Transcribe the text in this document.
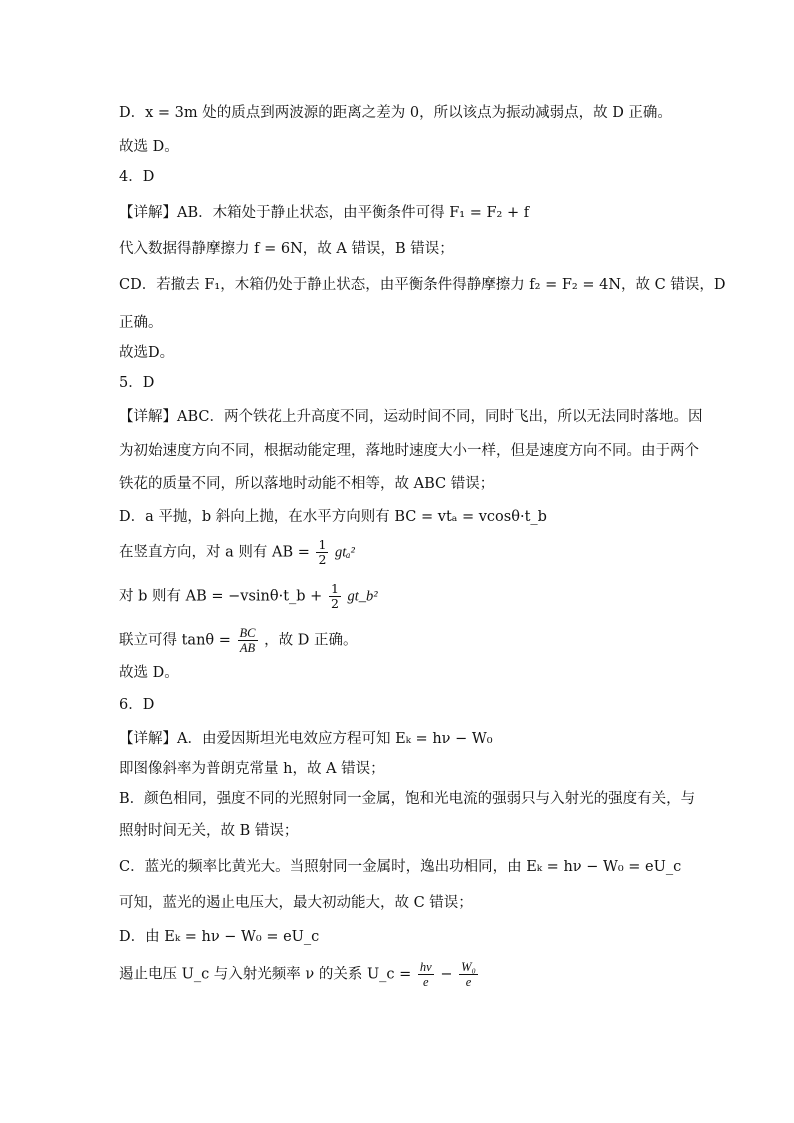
D．x = 3m 处的质点到两波源的距离之差为 0，所以该点为振动减弱点，故 D 正确。
故选 D。
4．D
【详解】AB．木箱处于静止状态，由平衡条件可得 F₁ = F₂ + f
代入数据得静摩擦力 f = 6N，故 A 错误，B 错误；
CD．若撤去 F₁，木箱仍处于静止状态，由平衡条件得静摩擦力 f₂ = F₂ = 4N，故 C 错误，D
正确。
故选D。
5．D
【详解】ABC．两个铁花上升高度不同，运动时间不同，同时飞出，所以无法同时落地。因
为初始速度方向不同，根据动能定理，落地时速度大小一样，但是速度方向不同。由于两个
铁花的质量不同，所以落地时动能不相等，故 ABC 错误；
D．a 平抛，b 斜向上抛，在水平方向则有 BC = vtₐ = vcosθ·t_b
在竖直方向，对 a 则有 AB = $\frac{1}{2} gt_a^2$
对 b 则有 AB = −vsinθ·t_b + $\frac{1}{2}$ gt_b²
联立可得 $\tan\theta = \frac{BC}{AB}$ ，故 D 正确。
故选 D。
6．D
【详解】A．由爱因斯坦光电效应方程可知 Eₖ = hν − W₀
即图像斜率为普朗克常量 h，故 A 错误；
B．颜色相同，强度不同的光照射同一金属，饱和光电流的强弱只与入射光的强度有关，与
照射时间无关，故 B 错误；
C．蓝光的频率比黄光大。当照射同一金属时，逸出功相同，由 Eₖ = hν − W₀ = eU_c
可知，蓝光的遏止电压大，最大初动能大，故 C 错误；
D．由 Eₖ = hν − W₀ = eU_c
遏止电压 U_c 与入射光频率 ν 的关系 U_c = $\frac{h\nu}{e} - \frac{\text{W₀}}{e}$
